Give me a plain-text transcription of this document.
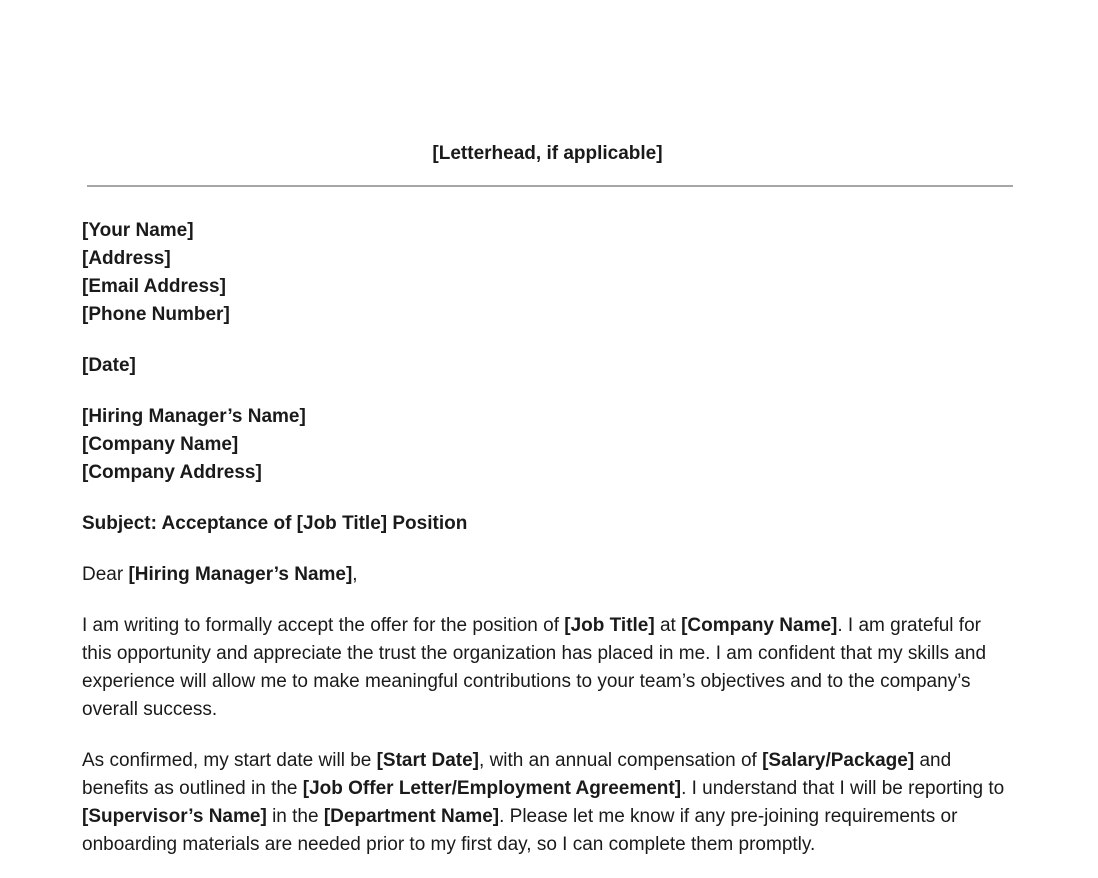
[Letterhead, if applicable]
[Your Name]
[Address]
[Email Address]
[Phone Number]
[Date]
[Hiring Manager’s Name]
[Company Name]
[Company Address]
Subject: Acceptance of [Job Title] Position

Dear [Hiring Manager’s Name],

I am writing to formally accept the offer for the position of [Job Title] at [Company Name]. I am grateful for this opportunity and appreciate the trust the organization has placed in me. I am confident that my skills and experience will allow me to make meaningful contributions to your team’s objectives and to the company’s overall success.

As confirmed, my start date will be [Start Date], with an annual compensation of [Salary/Package] and benefits as outlined in the [Job Offer Letter/Employment Agreement]. I understand that I will be reporting to [Supervisor’s Name] in the [Department Name]. Please let me know if any pre-joining requirements or onboarding materials are needed prior to my first day, so I can complete them promptly.
